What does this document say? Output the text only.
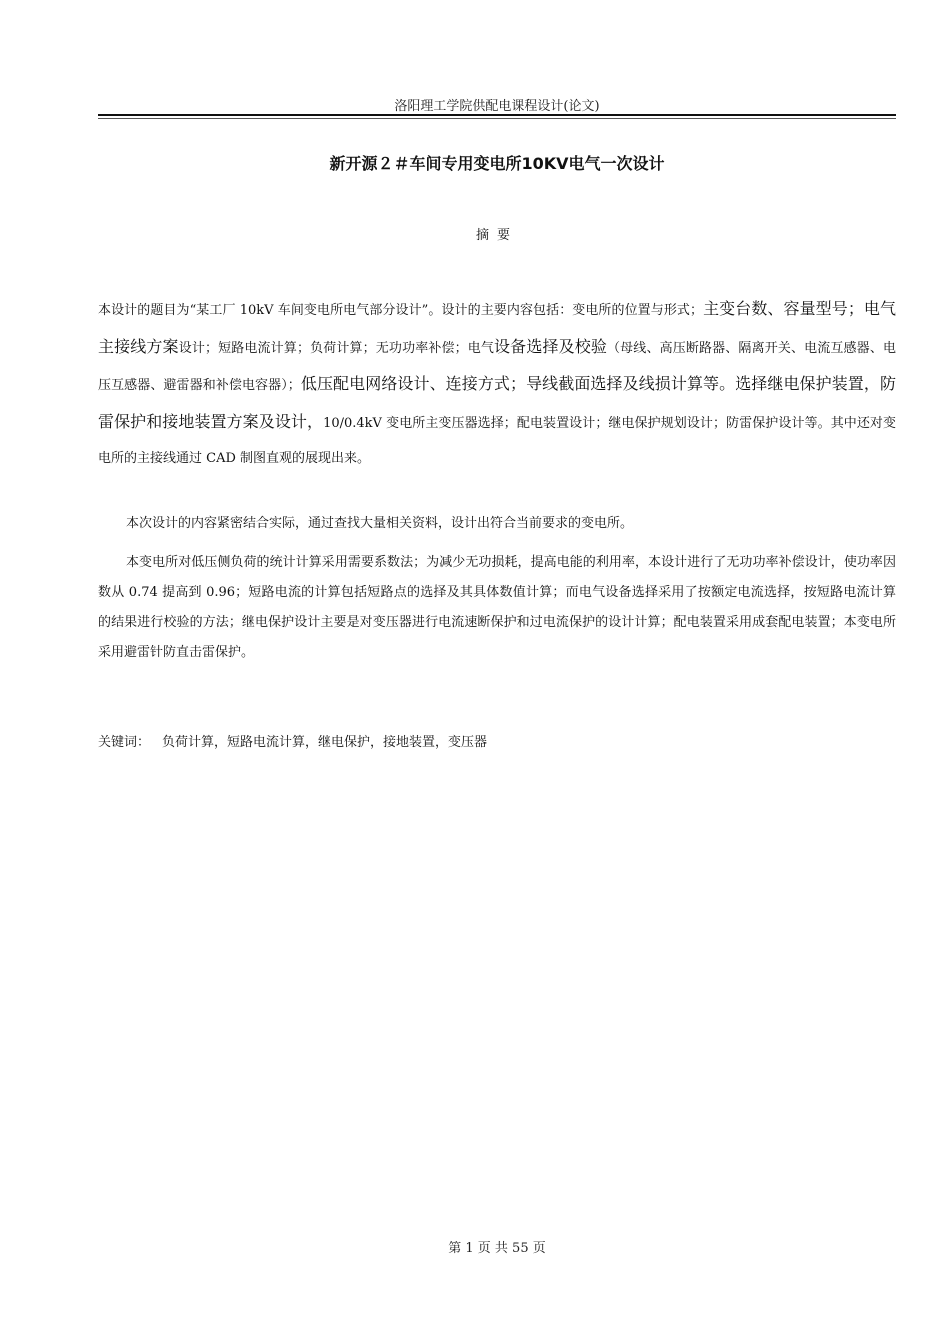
洛阳理工学院供配电课程设计(论文)
新开源２＃车间专用变电所10KV电气一次设计
摘要
本设计的题目为“某工厂 10kV 车间变电所电气部分设计”。设计的主要内容包括：变电所的位置与形式；主变台数、容量型号；电气主接线方案设计；短路电流计算；负荷计算；无功功率补偿；电气设备选择及校验（母线、高压断路器、隔离开关、电流互感器、电压互感器、避雷器和补偿电容器）；低压配电网络设计、连接方式；导线截面选择及线损计算等。选择继电保护装置，防雷保护和接地装置方案及设计，10/0.4kV 变电所主变压器选择；配电装置设计；继电保护规划设计；防雷保护设计等。其中还对变电所的主接线通过 CAD 制图直观的展现出来。
本次设计的内容紧密结合实际，通过查找大量相关资料，设计出符合当前要求的变电所。
本变电所对低压侧负荷的统计计算采用需要系数法；为减少无功损耗，提高电能的利用率，本设计进行了无功功率补偿设计，使功率因数从 0.74 提高到 0.96；短路电流的计算包括短路点的选择及其具体数值计算；而电气设备选择采用了按额定电流选择，按短路电流计算的结果进行校验的方法；继电保护设计主要是对变压器进行电流速断保护和过电流保护的设计计算；配电装置采用成套配电装置；本变电所采用避雷针防直击雷保护。
关键词： 负荷计算，短路电流计算，继电保护，接地装置，变压器
第 1 页 共 55 页
